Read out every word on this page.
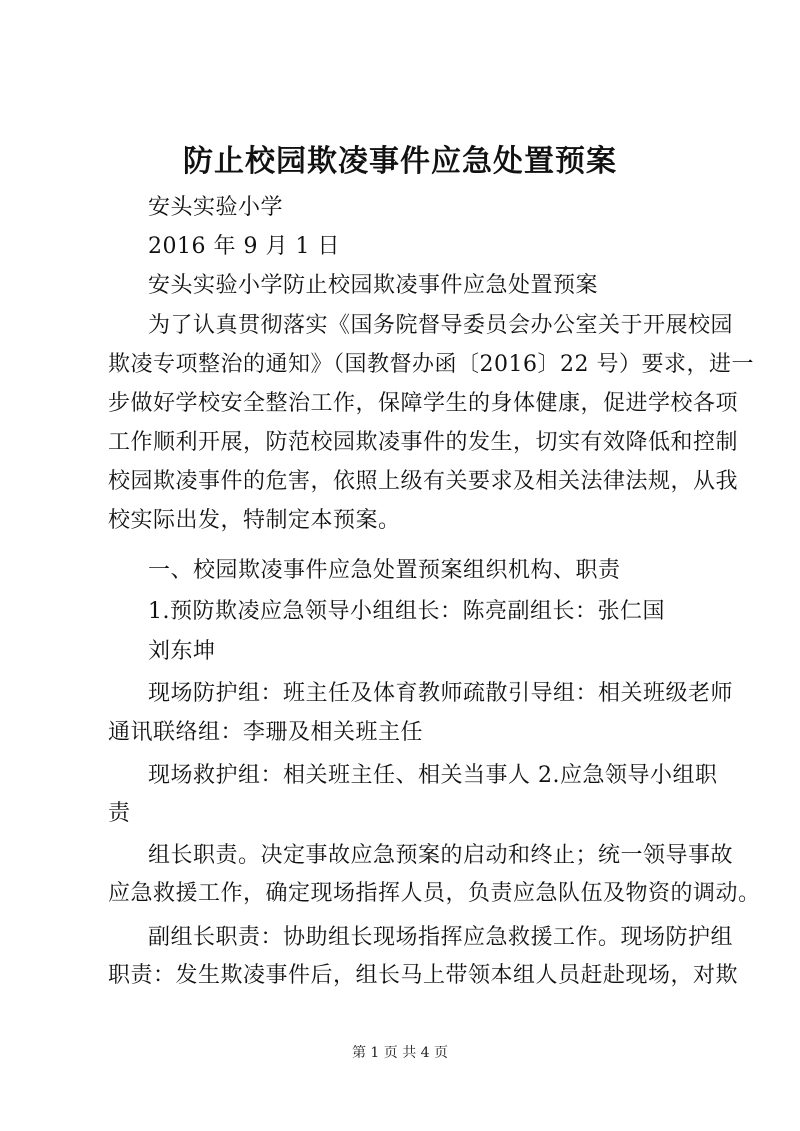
防止校园欺凌事件应急处置预案
安头实验小学
2016 年 9 月 1 日
安头实验小学防止校园欺凌事件应急处置预案
为了认真贯彻落实《国务院督导委员会办公室关于开展校园
欺凌专项整治的通知》（国教督办函〔2016〕22 号）要求，进一
步做好学校安全整治工作，保障学生的身体健康，促进学校各项
工作顺利开展，防范校园欺凌事件的发生，切实有效降低和控制
校园欺凌事件的危害，依照上级有关要求及相关法律法规，从我
校实际出发，特制定本预案。
一、校园欺凌事件应急处置预案组织机构、职责
1.预防欺凌应急领导小组组长：陈亮副组长：张仁国
刘东坤
现场防护组：班主任及体育教师疏散引导组：相关班级老师
通讯联络组：李珊及相关班主任
现场救护组：相关班主任、相关当事人 2.应急领导小组职
责
组长职责。决定事故应急预案的启动和终止；统一领导事故
应急救援工作，确定现场指挥人员，负责应急队伍及物资的调动。
副组长职责：协助组长现场指挥应急救援工作。现场防护组
职责：发生欺凌事件后，组长马上带领本组人员赶赴现场，对欺
第 1 页 共 4 页
